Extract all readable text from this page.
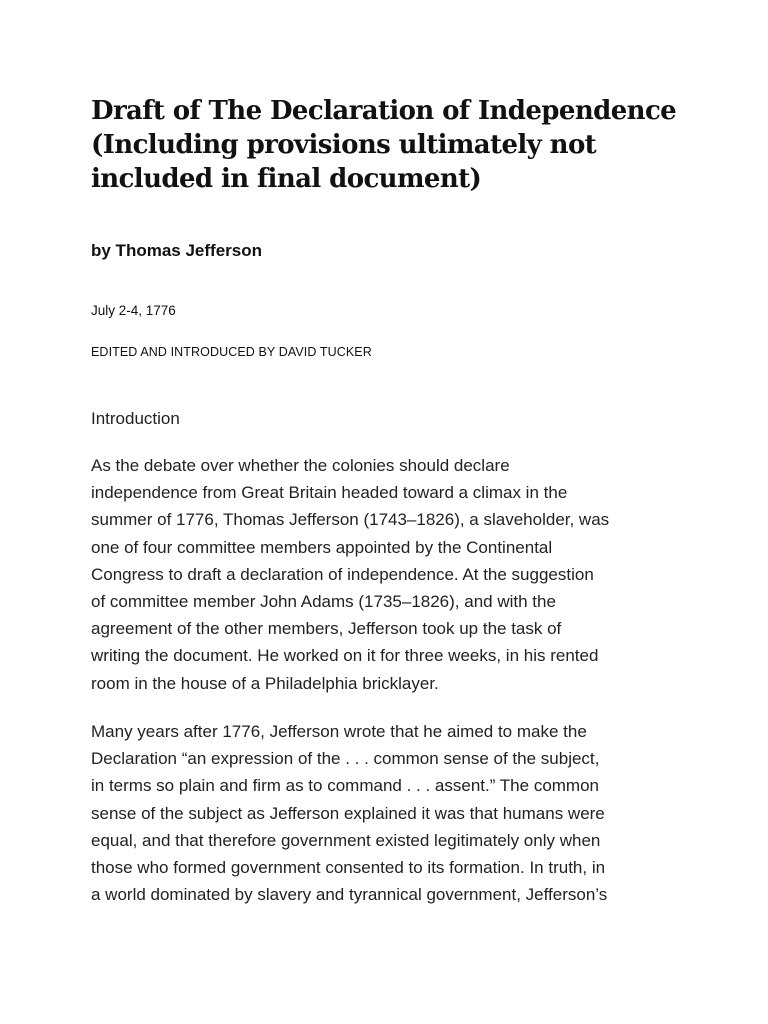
Draft of The Declaration of Independence
(Including provisions ultimately not
included in final document)

by Thomas Jefferson

July 2-4, 1776

EDITED AND INTRODUCED BY DAVID TUCKER

Introduction

As the debate over whether the colonies should declare
independence from Great Britain headed toward a climax in the
summer of 1776, Thomas Jefferson (1743–1826), a slaveholder, was
one of four committee members appointed by the Continental
Congress to draft a declaration of independence. At the suggestion
of committee member John Adams (1735–1826), and with the
agreement of the other members, Jefferson took up the task of
writing the document. He worked on it for three weeks, in his rented
room in the house of a Philadelphia bricklayer.

Many years after 1776, Jefferson wrote that he aimed to make the
Declaration “an expression of the . . . common sense of the subject,
in terms so plain and firm as to command . . . assent.” The common
sense of the subject as Jefferson explained it was that humans were
equal, and that therefore government existed legitimately only when
those who formed government consented to its formation. In truth, in
a world dominated by slavery and tyrannical government, Jefferson’s
